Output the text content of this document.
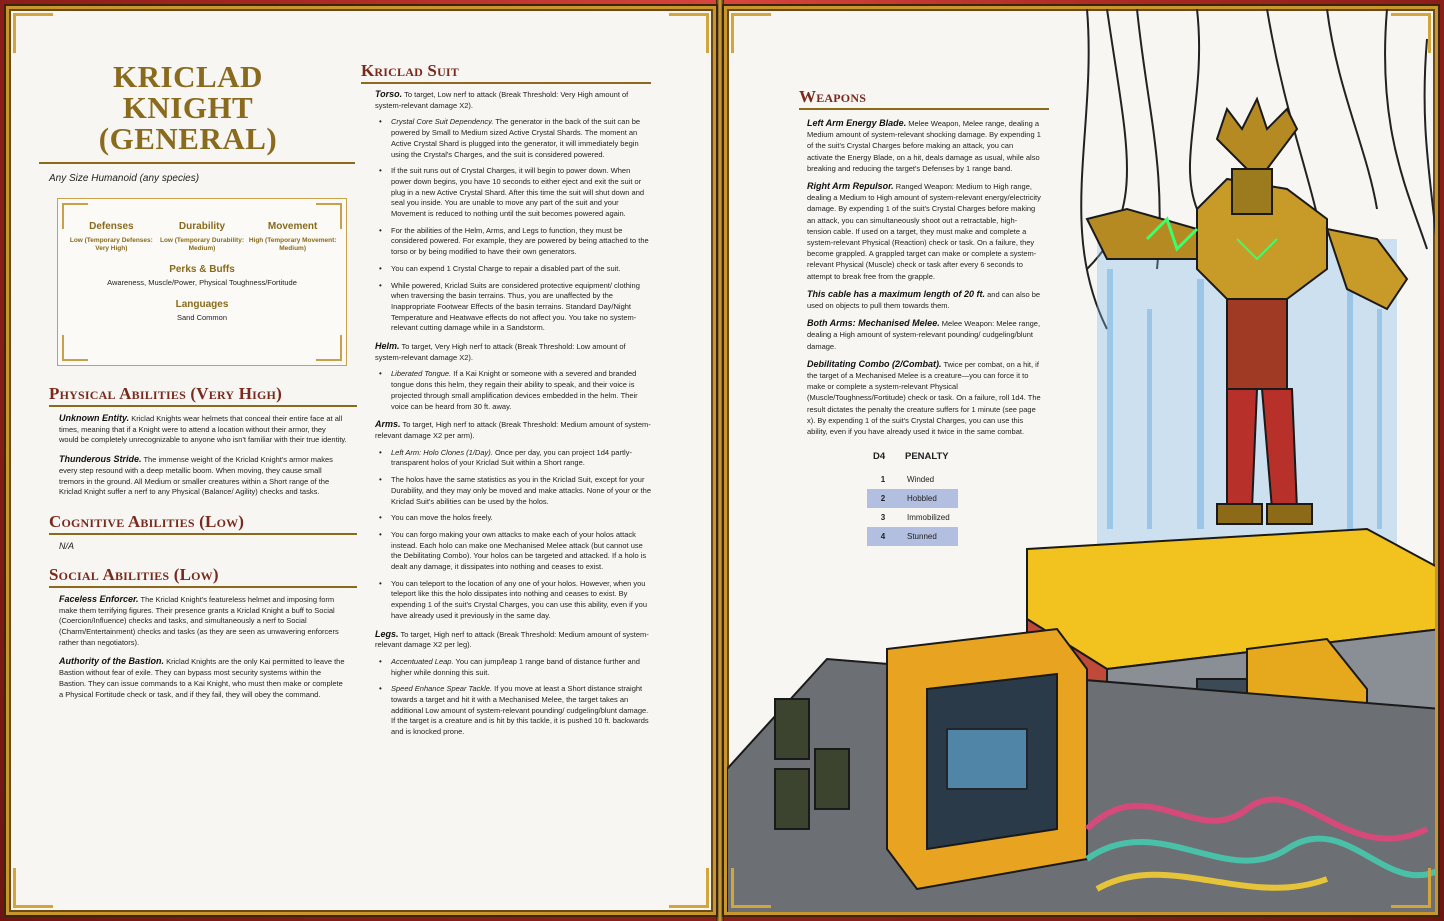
KRICLAD KNIGHT
(GENERAL)
Any Size Humanoid (any species)
Defenses
Low (Temporary Defenses: Very High)
Durability
Low (Temporary Durability: Medium)
Movement
High (Temporary Movement: Medium)
Perks & Buffs
Awareness, Muscle/Power, Physical Toughness/Fortitude
Languages
Sand Common
Physical Abilities (Very High)

Unknown Entity. Kriclad Knights wear helmets that conceal their entire face at all times, meaning that if a Knight were to attend a location without their armor, they would be completely unrecognizable to anyone who isn't familiar with their true identity.

Thunderous Stride. The immense weight of the Kriclad Knight's armor makes every step resound with a deep metallic boom. When moving, they cause small tremors in the ground. All Medium or smaller creatures within a Short range of the Kriclad Knight suffer a nerf to any Physical (Balance/ Agility) checks and tasks.

Cognitive Abilities (Low)
N/A
Social Abilities (Low)

Faceless Enforcer. The Kriclad Knight's featureless helmet and imposing form make them terrifying figures. Their presence grants a Kriclad Knight a buff to Social (Coercion/Influence) checks and tasks, and simultaneously a nerf to Social (Charm/Entertainment) checks and tasks (as they are seen as unwavering enforcers rather than negotiators).

Authority of the Bastion. Kriclad Knights are the only Kai permitted to leave the Bastion without fear of exile. They can bypass most security systems within the Bastion. They can issue commands to a Kai Knight, who must then make or complete a Physical Fortitude check or task, and if they fail, they will obey the command.

Kriclad Suit

Torso. To target, Low nerf to attack (Break Threshold: Very High amount of system-relevant damage X2).

• Crystal Core Suit Dependency. The generator in the back of the suit can be powered by Small to Medium sized Active Crystal Shards. The moment an Active Crystal Shard is plugged into the generator, it will immediately begin using the Crystal's Charges, and the suit is considered powered.
• If the suit runs out of Crystal Charges, it will begin to power down. When power down begins, you have 10 seconds to either eject and exit the suit or plug in a new Active Crystal Shard. After this time the suit will shut down and seal you inside. You are unable to move any part of the suit and your Movement is reduced to nothing until the suit becomes powered again.
• For the abilities of the Helm, Arms, and Legs to function, they must be considered powered. For example, they are powered by being attached to the torso or by being modified to have their own generators.
• You can expend 1 Crystal Charge to repair a disabled part of the suit.
• While powered, Kriclad Suits are considered protective equipment/ clothing when traversing the basin terrains. Thus, you are unaffected by the Inappropriate Footwear Effects of the basin terrains. Standard Day/Night Temperature and Heatwave effects do not affect you. You take no system-relevant cutting damage while in a Sandstorm.

Helm. To target, Very High nerf to attack (Break Threshold: Low amount of system-relevant damage X2).

• Liberated Tongue. If a Kai Knight or someone with a severed and branded tongue dons this helm, they regain their ability to speak, and their voice is projected through small amplification devices embedded in the helm. Their voice can be heard from 30 ft. away.

Arms. To target, High nerf to attack (Break Threshold: Medium amount of system-relevant damage X2 per arm).

• Left Arm: Holo Clones (1/Day). Once per day, you can project 1d4 partly-transparent holos of your Kriclad Suit within a Short range.
• The holos have the same statistics as you in the Kriclad Suit, except for your Durability, and they may only be moved and make attacks. None of your or the Kriclad Suit's abilities can be used by the holos.
• You can move the holos freely.
• You can forgo making your own attacks to make each of your holos attack instead. Each holo can make one Mechanised Melee attack (but cannot use the Debilitating Combo). Your holos can be targeted and attacked. If a holo is dealt any damage, it dissipates into nothing and ceases to exist.
• You can teleport to the location of any one of your holos. However, when you teleport like this the holo dissipates into nothing and ceases to exist. By expending 1 of the suit's Crystal Charges, you can use this ability, even if you have already used it previously in the same day.

Legs. To target, High nerf to attack (Break Threshold: Medium amount of system-relevant damage X2 per leg).

• Accentuated Leap. You can jump/leap 1 range band of distance further and higher while donning this suit.
• Speed Enhance Spear Tackle. If you move at least a Short distance straight towards a target and hit it with a Mechanised Melee, the target takes an additional Low amount of system-relevant pounding/ cudgeling/blunt damage. If the target is a creature and is hit by this tackle, it is pushed 10 ft. backwards and is knocked prone.
Weapons

Left Arm Energy Blade. Melee Weapon, Melee range, dealing a Medium amount of system-relevant shocking damage. By expending 1 of the suit's Crystal Charges before making an attack, you can activate the Energy Blade, on a hit, deals damage as usual, while also breaking and reducing the target's Defenses by 1 range band.

Right Arm Repulsor. Ranged Weapon: Medium to High range, dealing a Medium to High amount of system-relevant energy/electricity damage. By expending 1 of the suit's Crystal Charges before making an attack, you can simultaneously shoot out a retractable, high-tension cable. If used on a target, they must make and complete a system-relevant Physical (Reaction) check or task. On a failure, they become grappled. A grappled target can make or complete a system-relevant Physical (Muscle) check or task after every 6 seconds to attempt to break free from the grapple.

This cable has a maximum length of 20 ft. and can also be used on objects to pull them towards them.

Both Arms: Mechanised Melee. Melee Weapon: Melee range, dealing a High amount of system-relevant pounding/ cudgeling/blunt damage.

Debilitating Combo (2/Combat). Twice per combat, on a hit, if the target of a Mechanised Melee is a creature—you can force it to make or complete a system-relevant Physical (Muscle/Toughness/Fortitude) check or task. On a failure, roll 1d4. The result dictates the penalty the creature suffers for 1 minute (see page x). By expending 1 of the suit's Crystal Charges, you can use this ability, even if you have already used it twice in the same combat.

D4	PENALTY
1	Winded
2	Hobbled
3	Immobilized
4	Stunned
